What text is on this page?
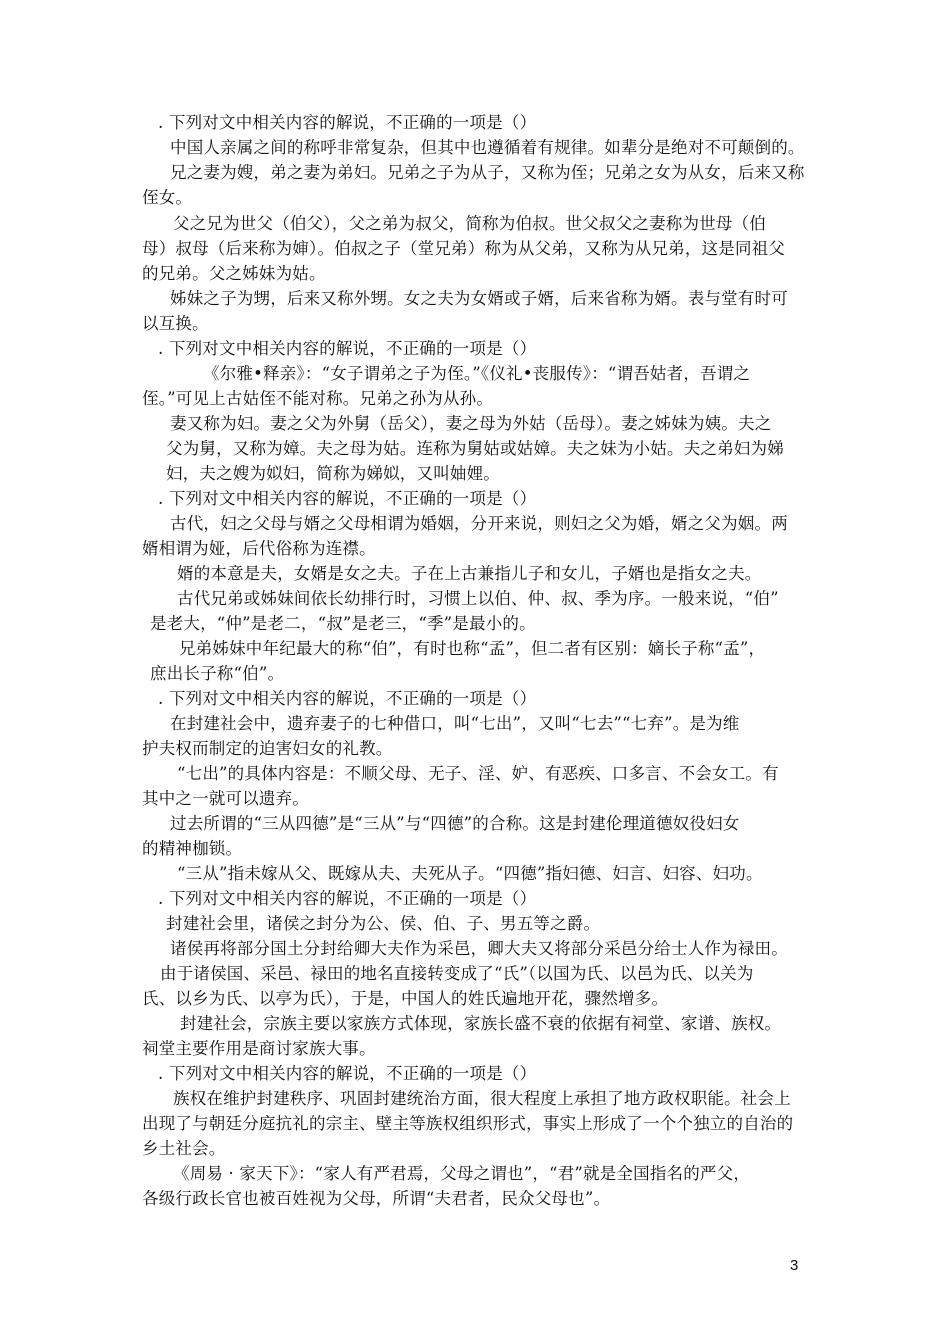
. 下列对文中相关内容的解说，不正确的一项是（）
中国人亲属之间的称呼非常复杂，但其中也遵循着有规律。如辈分是绝对不可颠倒的。
兄之妻为嫂，弟之妻为弟妇。兄弟之子为从子，又称为侄；兄弟之女为从女，后来又称
侄女。
父之兄为世父（伯父），父之弟为叔父，简称为伯叔。世父叔父之妻称为世母（伯
母）叔母（后来称为婶）。伯叔之子（堂兄弟）称为从父弟，又称为从兄弟，这是同祖父
的兄弟。父之姊妹为姑。
姊妹之子为甥，后来又称外甥。女之夫为女婿或子婿，后来省称为婿。表与堂有时可
以互换。
. 下列对文中相关内容的解说，不正确的一项是（）
《尔雅•释亲》：“女子谓弟之子为侄。”《仪礼•丧服传》：“谓吾姑者，吾谓之
侄。”可见上古姑侄不能对称。兄弟之孙为从孙。
妻又称为妇。妻之父为外舅（岳父），妻之母为外姑（岳母）。妻之姊妹为姨。夫之
父为舅，又称为嫜。夫之母为姑。连称为舅姑或姑嫜。夫之妹为小姑。夫之弟妇为娣
妇，夫之嫂为姒妇，简称为娣姒，又叫妯娌。
. 下列对文中相关内容的解说，不正确的一项是（）
古代，妇之父母与婿之父母相谓为婚姻，分开来说，则妇之父为婚，婿之父为姻。两
婿相谓为娅，后代俗称为连襟。
婿的本意是夫，女婿是女之夫。子在上古兼指儿子和女儿，子婿也是指女之夫。
古代兄弟或姊妹间依长幼排行时，习惯上以伯、仲、叔、季为序。一般来说，“伯”
是老大，“仲”是老二，“叔”是老三，“季”是最小的。
兄弟姊妹中年纪最大的称“伯”，有时也称“孟”，但二者有区别：嫡长子称“孟”，
庶出长子称“伯”。
. 下列对文中相关内容的解说，不正确的一项是（）
在封建社会中，遗弃妻子的七种借口，叫“七出”，又叫“七去”“七弃”。是为维
护夫权而制定的迫害妇女的礼教。
“七出”的具体内容是：不顺父母、无子、淫、妒、有恶疾、口多言、不会女工。有
其中之一就可以遗弃。
过去所谓的“三从四德”是“三从”与“四德”的合称。这是封建伦理道德奴役妇女
的精神枷锁。
“三从”指未嫁从父、既嫁从夫、夫死从子。“四德”指妇德、妇言、妇容、妇功。
. 下列对文中相关内容的解说，不正确的一项是（）
封建社会里，诸侯之封分为公、侯、伯、子、男五等之爵。
诸侯再将部分国土分封给卿大夫作为采邑，卿大夫又将部分采邑分给士人作为禄田。
由于诸侯国、采邑、禄田的地名直接转变成了“氏”（以国为氏、以邑为氏、以关为
氏、以乡为氏、以亭为氏），于是，中国人的姓氏遍地开花，骤然增多。
封建社会，宗族主要以家族方式体现，家族长盛不衰的依据有祠堂、家谱、族权。
祠堂主要作用是商讨家族大事。
. 下列对文中相关内容的解说，不正确的一项是（）
族权在维护封建秩序、巩固封建统治方面，很大程度上承担了地方政权职能。社会上
出现了与朝廷分庭抗礼的宗主、壁主等族权组织形式，事实上形成了一个个独立的自治的
乡土社会。
《周易 · 家天下》：“家人有严君焉，父母之谓也”，“君”就是全国指名的严父，
各级行政长官也被百姓视为父母，所谓“夫君者，民众父母也”。
3
